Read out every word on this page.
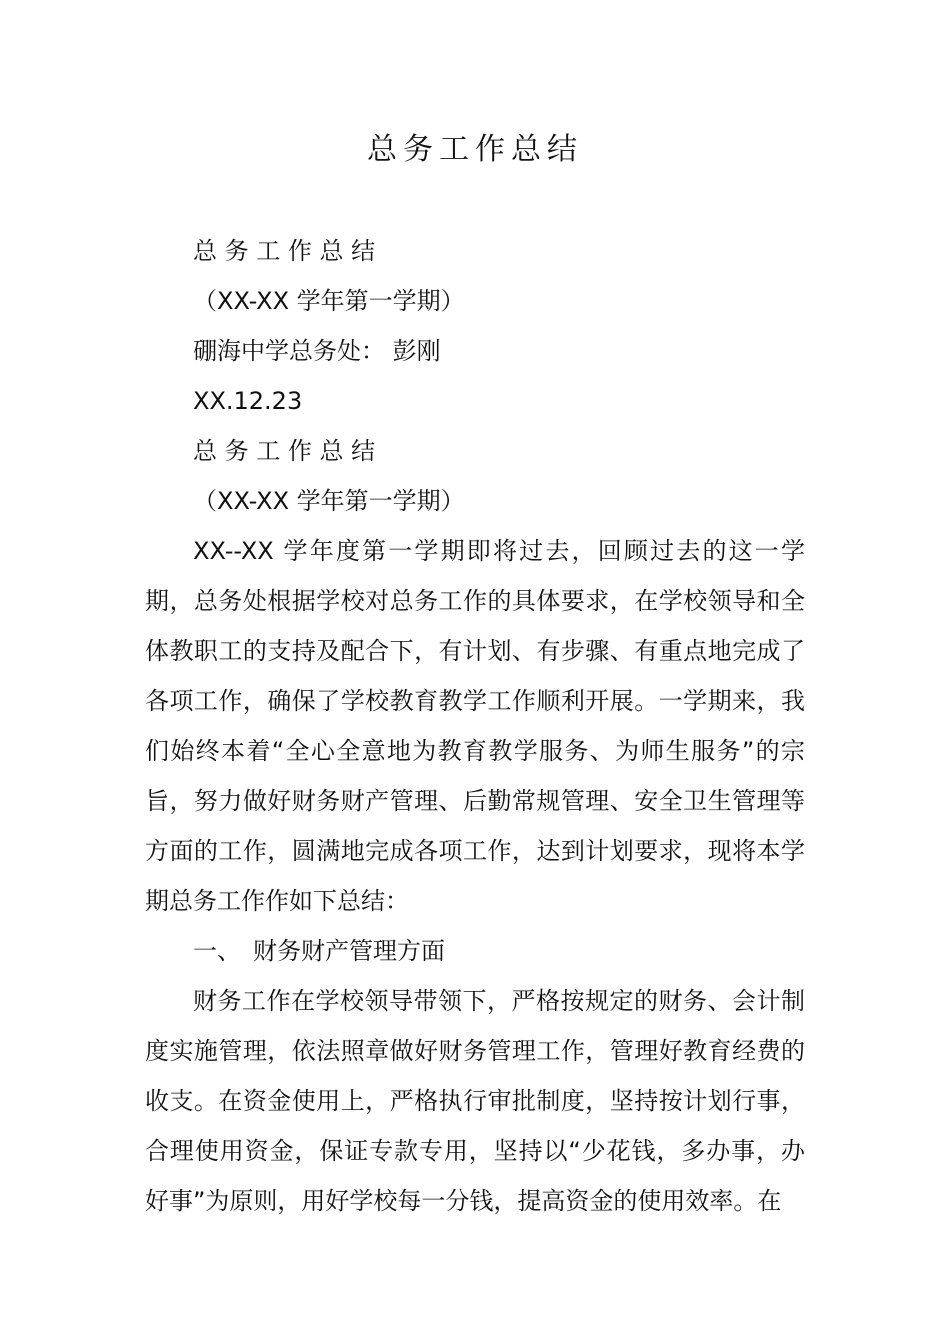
总务工作总结

总 务 工 作 总 结

（XX-XX 学年第一学期）

硼海中学总务处： 彭刚

XX.12.23

总 务 工 作 总 结

（XX-XX 学年第一学期）

XX--XX 学年度第一学期即将过去，回顾过去的这一学期，总务处根据学校对总务工作的具体要求，在学校领导和全体教职工的支持及配合下，有计划、有步骤、有重点地完成了各项工作，确保了学校教育教学工作顺利开展。一学期来，我们始终本着“全心全意地为教育教学服务、为师生服务”的宗旨，努力做好财务财产管理、后勤常规管理、安全卫生管理等方面的工作，圆满地完成各项工作，达到计划要求，现将本学期总务工作作如下总结：

一、 财务财产管理方面

财务工作在学校领导带领下，严格按规定的财务、会计制度实施管理，依法照章做好财务管理工作，管理好教育经费的收支。在资金使用上，严格执行审批制度，坚持按计划行事，合理使用资金，保证专款专用，坚持以“少花钱，多办事，办好事”为原则，用好学校每一分钱，提高资金的使用效率。在
